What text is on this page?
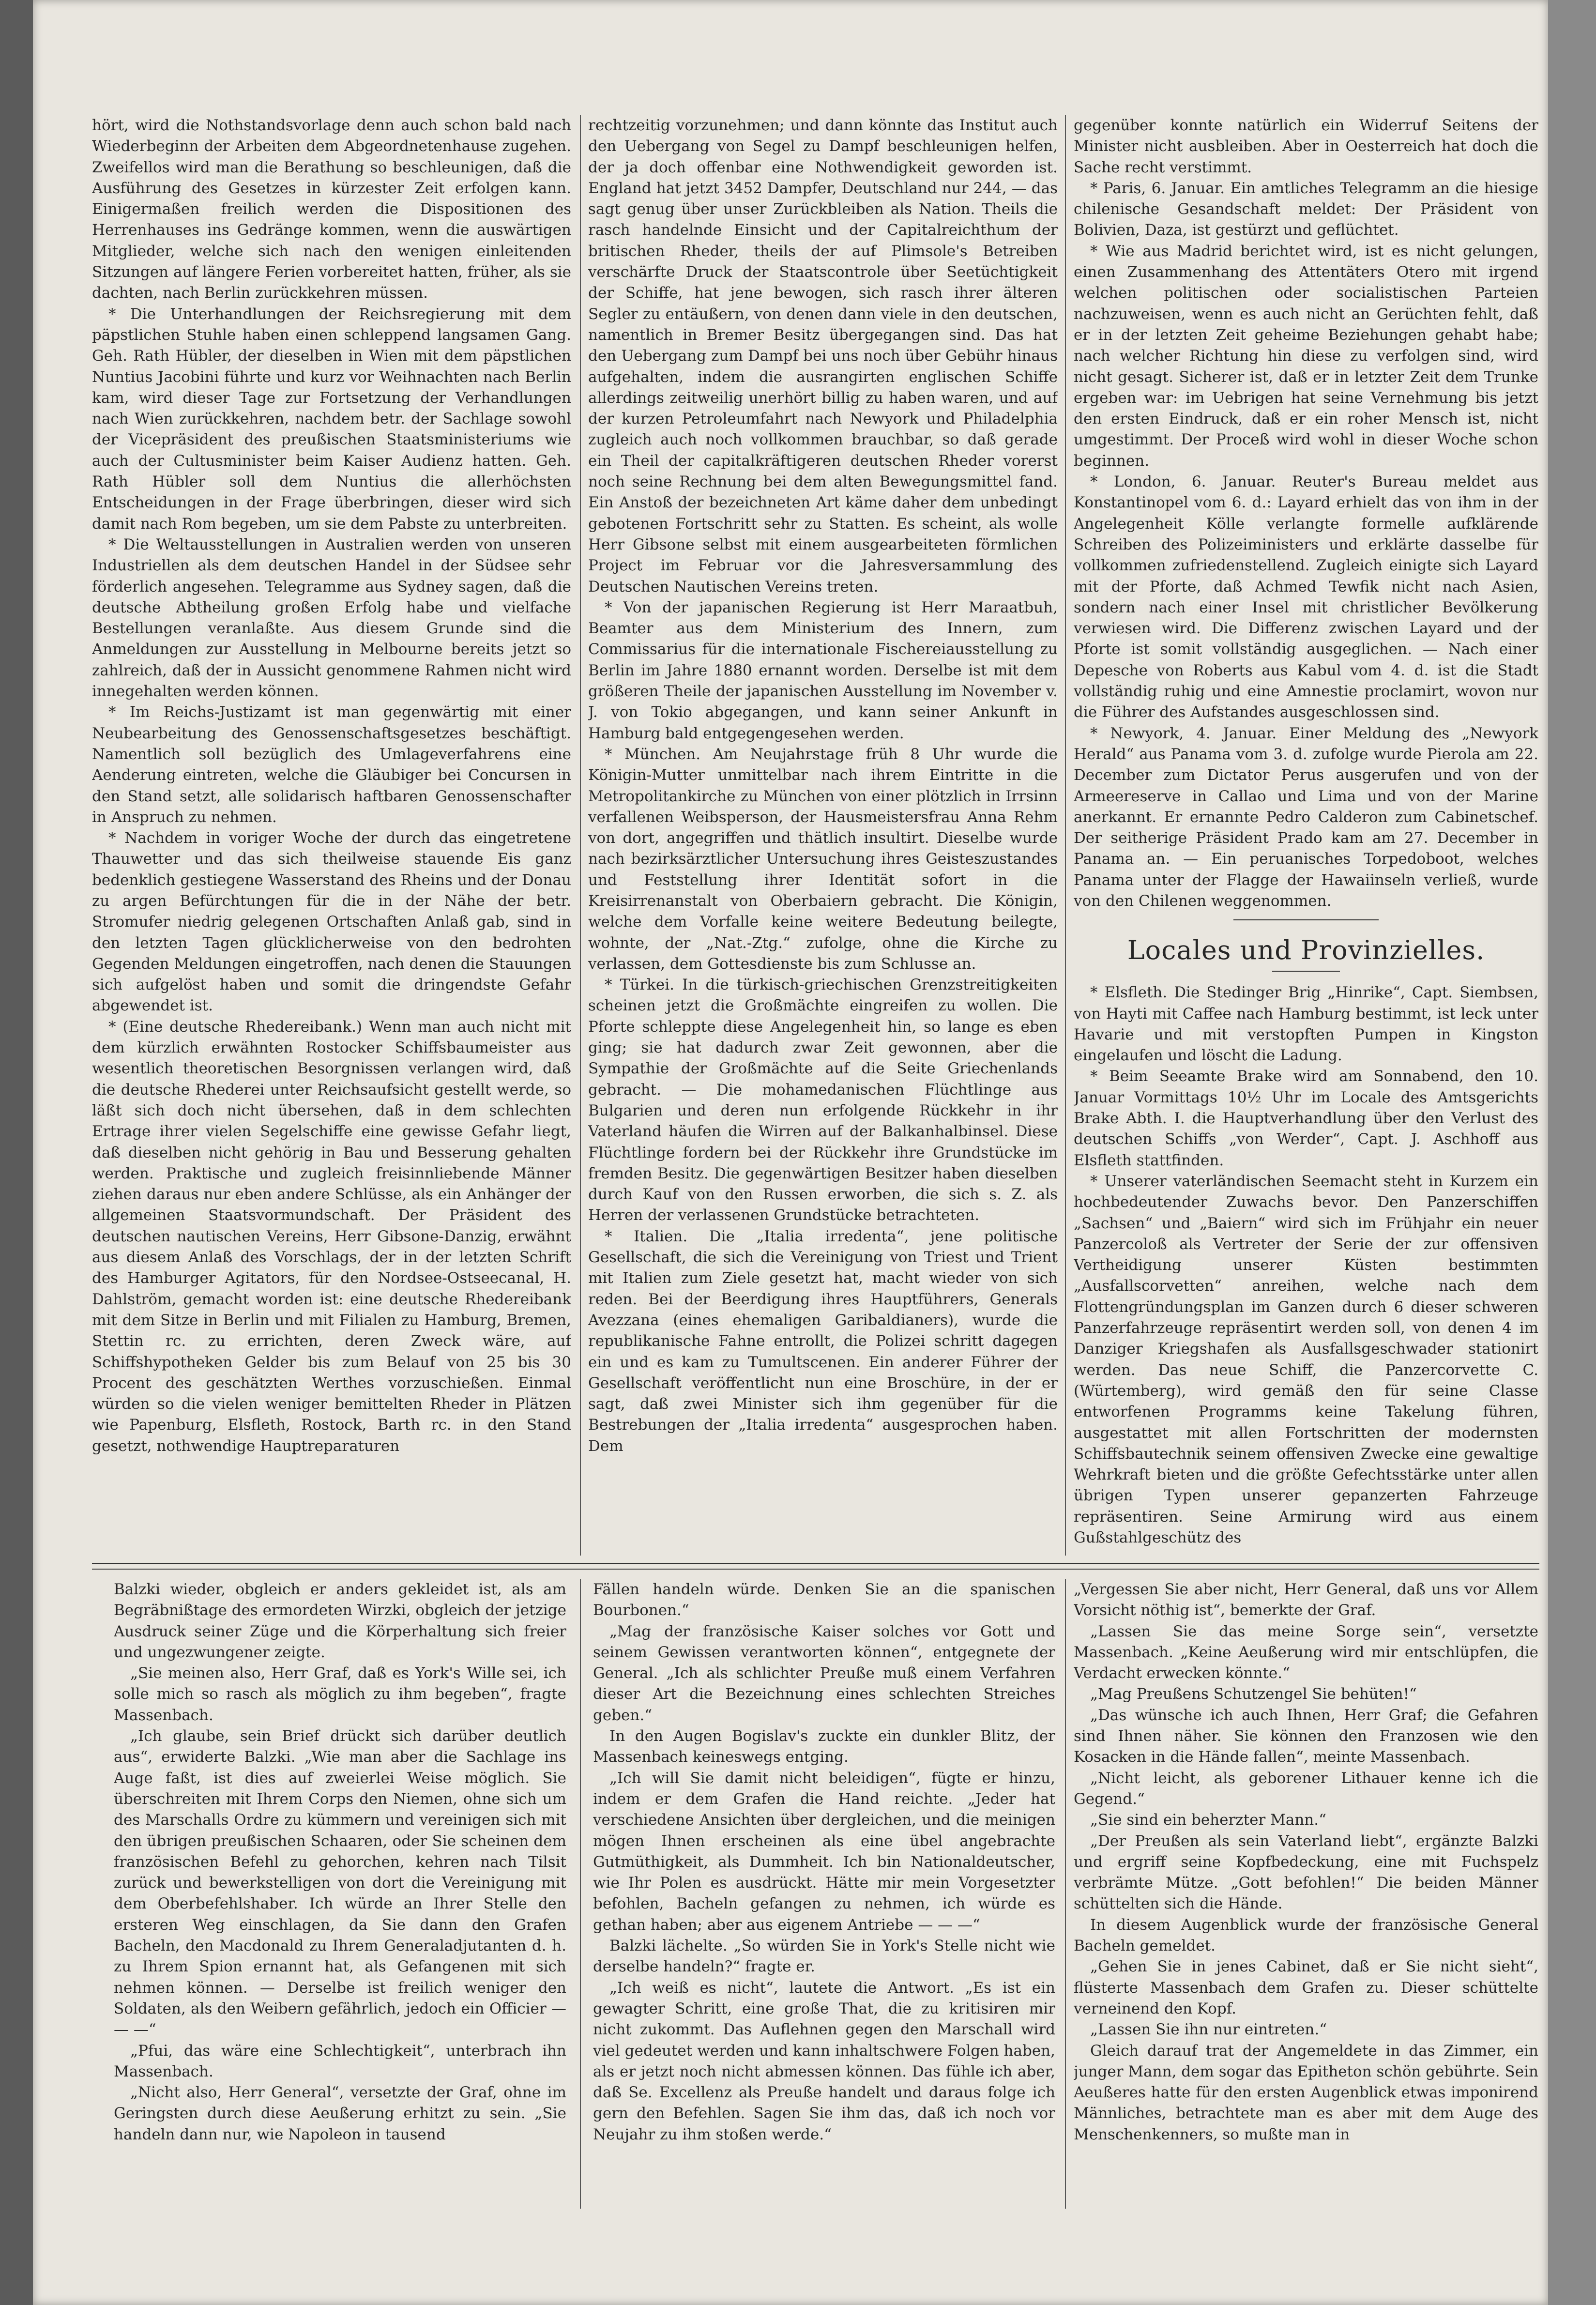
hört, wird die Nothstandsvorlage denn auch schon bald nach Wiederbeginn der Arbeiten dem Abgeordnetenhause zugehen. Zweifellos wird man die Berathung so beschleunigen, daß die Ausführung des Gesetzes in kürzester Zeit erfolgen kann. Einigermaßen freilich werden die Dispositionen des Herrenhauses ins Gedränge kommen, wenn die auswärtigen Mitglieder, welche sich nach den wenigen einleitenden Sitzungen auf längere Ferien vorbereitet hatten, früher, als sie dachten, nach Berlin zurückkehren müssen.

* Die Unterhandlungen der Reichsregierung mit dem päpstlichen Stuhle haben einen schleppend langsamen Gang. Geh. Rath Hübler, der dieselben in Wien mit dem päpstlichen Nuntius Jacobini führte und kurz vor Weihnachten nach Berlin kam, wird dieser Tage zur Fortsetzung der Verhandlungen nach Wien zurückkehren, nachdem betr. der Sachlage sowohl der Vicepräsident des preußischen Staatsministeriums wie auch der Cultusminister beim Kaiser Audienz hatten. Geh. Rath Hübler soll dem Nuntius die allerhöchsten Entscheidungen in der Frage überbringen, dieser wird sich damit nach Rom begeben, um sie dem Pabste zu unterbreiten.

* Die Weltausstellungen in Australien werden von unseren Industriellen als dem deutschen Handel in der Südsee sehr förderlich angesehen. Telegramme aus Sydney sagen, daß die deutsche Abtheilung großen Erfolg habe und vielfache Bestellungen veranlaßte. Aus diesem Grunde sind die Anmeldungen zur Ausstellung in Melbourne bereits jetzt so zahlreich, daß der in Aussicht genommene Rahmen nicht wird innegehalten werden können.

* Im Reichs-Justizamt ist man gegenwärtig mit einer Neubearbeitung des Genossenschaftsgesetzes beschäftigt. Namentlich soll bezüglich des Umlageverfahrens eine Aenderung eintreten, welche die Gläubiger bei Concursen in den Stand setzt, alle solidarisch haftbaren Genossenschafter in Anspruch zu nehmen.

* Nachdem in voriger Woche der durch das eingetretene Thauwetter und das sich theilweise stauende Eis ganz bedenklich gestiegene Wasserstand des Rheins und der Donau zu argen Befürchtungen für die in der Nähe der betr. Stromufer niedrig gelegenen Ortschaften Anlaß gab, sind in den letzten Tagen glücklicherweise von den bedrohten Gegenden Meldungen eingetroffen, nach denen die Stauungen sich aufgelöst haben und somit die dringendste Gefahr abgewendet ist.

* (Eine deutsche Rhedereibank.) Wenn man auch nicht mit dem kürzlich erwähnten Rostocker Schiffsbaumeister aus wesentlich theoretischen Besorgnissen verlangen wird, daß die deutsche Rhederei unter Reichsaufsicht gestellt werde, so läßt sich doch nicht übersehen, daß in dem schlechten Ertrage ihrer vielen Segelschiffe eine gewisse Gefahr liegt, daß dieselben nicht gehörig in Bau und Besserung gehalten werden. Praktische und zugleich freisinnliebende Männer ziehen daraus nur eben andere Schlüsse, als ein Anhänger der allgemeinen Staatsvormundschaft. Der Präsident des deutschen nautischen Vereins, Herr Gibsone-Danzig, erwähnt aus diesem Anlaß des Vorschlags, der in der letzten Schrift des Hamburger Agitators, für den Nordsee-Ostseecanal, H. Dahlström, gemacht worden ist: eine deutsche Rhedereibank mit dem Sitze in Berlin und mit Filialen zu Hamburg, Bremen, Stettin rc. zu errichten, deren Zweck wäre, auf Schiffshypotheken Gelder bis zum Belauf von 25 bis 30 Procent des geschätzten Werthes vorzuschießen. Einmal würden so die vielen weniger bemittelten Rheder in Plätzen wie Papenburg, Elsfleth, Rostock, Barth rc. in den Stand gesetzt, nothwendige Hauptreparaturen

rechtzeitig vorzunehmen; und dann könnte das Institut auch den Uebergang von Segel zu Dampf beschleunigen helfen, der ja doch offenbar eine Nothwendigkeit geworden ist. England hat jetzt 3452 Dampfer, Deutschland nur 244, — das sagt genug über unser Zurückbleiben als Nation. Theils die rasch handelnde Einsicht und der Capitalreichthum der britischen Rheder, theils der auf Plimsole's Betreiben verschärfte Druck der Staatscontrole über Seetüchtigkeit der Schiffe, hat jene bewogen, sich rasch ihrer älteren Segler zu entäußern, von denen dann viele in den deutschen, namentlich in Bremer Besitz übergegangen sind. Das hat den Uebergang zum Dampf bei uns noch über Gebühr hinaus aufgehalten, indem die ausrangirten englischen Schiffe allerdings zeitweilig unerhört billig zu haben waren, und auf der kurzen Petroleumfahrt nach Newyork und Philadelphia zugleich auch noch vollkommen brauchbar, so daß gerade ein Theil der capitalkräftigeren deutschen Rheder vorerst noch seine Rechnung bei dem alten Bewegungsmittel fand. Ein Anstoß der bezeichneten Art käme daher dem unbedingt gebotenen Fortschritt sehr zu Statten. Es scheint, als wolle Herr Gibsone selbst mit einem ausgearbeiteten förmlichen Project im Februar vor die Jahresversammlung des Deutschen Nautischen Vereins treten.

* Von der japanischen Regierung ist Herr Maraatbuh, Beamter aus dem Ministerium des Innern, zum Commissarius für die internationale Fischereiausstellung zu Berlin im Jahre 1880 ernannt worden. Derselbe ist mit dem größeren Theile der japanischen Ausstellung im November v. J. von Tokio abgegangen, und kann seiner Ankunft in Hamburg bald entgegengesehen werden.

* München. Am Neujahrstage früh 8 Uhr wurde die Königin-Mutter unmittelbar nach ihrem Eintritte in die Metropolitankirche zu München von einer plötzlich in Irrsinn verfallenen Weibsperson, der Hausmeistersfrau Anna Rehm von dort, angegriffen und thätlich insultirt. Dieselbe wurde nach bezirksärztlicher Untersuchung ihres Geisteszustandes und Feststellung ihrer Identität sofort in die Kreisirrenanstalt von Oberbaiern gebracht. Die Königin, welche dem Vorfalle keine weitere Bedeutung beilegte, wohnte, der „Nat.-Ztg.“ zufolge, ohne die Kirche zu verlassen, dem Gottesdienste bis zum Schlusse an.

* Türkei. In die türkisch-griechischen Grenzstreitigkeiten scheinen jetzt die Großmächte eingreifen zu wollen. Die Pforte schleppte diese Angelegenheit hin, so lange es eben ging; sie hat dadurch zwar Zeit gewonnen, aber die Sympathie der Großmächte auf die Seite Griechenlands gebracht. — Die mohamedanischen Flüchtlinge aus Bulgarien und deren nun erfolgende Rückkehr in ihr Vaterland häufen die Wirren auf der Balkanhalbinsel. Diese Flüchtlinge fordern bei der Rückkehr ihre Grundstücke im fremden Besitz. Die gegenwärtigen Besitzer haben dieselben durch Kauf von den Russen erworben, die sich s. Z. als Herren der verlassenen Grundstücke betrachteten.

* Italien. Die „Italia irredenta“, jene politische Gesellschaft, die sich die Vereinigung von Triest und Trient mit Italien zum Ziele gesetzt hat, macht wieder von sich reden. Bei der Beerdigung ihres Hauptführers, Generals Avezzana (eines ehemaligen Garibaldianers), wurde die republikanische Fahne entrollt, die Polizei schritt dagegen ein und es kam zu Tumultscenen. Ein anderer Führer der Gesellschaft veröffentlicht nun eine Broschüre, in der er sagt, daß zwei Minister sich ihm gegenüber für die Bestrebungen der „Italia irredenta“ ausgesprochen haben. Dem

gegenüber konnte natürlich ein Widerruf Seitens der Minister nicht ausbleiben. Aber in Oesterreich hat doch die Sache recht verstimmt.

* Paris, 6. Januar. Ein amtliches Telegramm an die hiesige chilenische Gesandschaft meldet: Der Präsident von Bolivien, Daza, ist gestürzt und geflüchtet.

* Wie aus Madrid berichtet wird, ist es nicht gelungen, einen Zusammenhang des Attentäters Otero mit irgend welchen politischen oder socialistischen Parteien nachzuweisen, wenn es auch nicht an Gerüchten fehlt, daß er in der letzten Zeit geheime Beziehungen gehabt habe; nach welcher Richtung hin diese zu verfolgen sind, wird nicht gesagt. Sicherer ist, daß er in letzter Zeit dem Trunke ergeben war: im Uebrigen hat seine Vernehmung bis jetzt den ersten Eindruck, daß er ein roher Mensch ist, nicht umgestimmt. Der Proceß wird wohl in dieser Woche schon beginnen.

* London, 6. Januar. Reuter's Bureau meldet aus Konstantinopel vom 6. d.: Layard erhielt das von ihm in der Angelegenheit Kölle verlangte formelle aufklärende Schreiben des Polizeiministers und erklärte dasselbe für vollkommen zufriedenstellend. Zugleich einigte sich Layard mit der Pforte, daß Achmed Tewfik nicht nach Asien, sondern nach einer Insel mit christlicher Bevölkerung verwiesen wird. Die Differenz zwischen Layard und der Pforte ist somit vollständig ausgeglichen. — Nach einer Depesche von Roberts aus Kabul vom 4. d. ist die Stadt vollständig ruhig und eine Amnestie proclamirt, wovon nur die Führer des Aufstandes ausgeschlossen sind.

* Newyork, 4. Januar. Einer Meldung des „Newyork Herald“ aus Panama vom 3. d. zufolge wurde Pierola am 22. December zum Dictator Perus ausgerufen und von der Armeereserve in Callao und Lima und von der Marine anerkannt. Er ernannte Pedro Calderon zum Cabinetschef. Der seitherige Präsident Prado kam am 27. December in Panama an. — Ein peruanisches Torpedoboot, welches Panama unter der Flagge der Hawaiinseln verließ, wurde von den Chilenen weggenommen.

Locales und Provinzielles.

* Elsfleth. Die Stedinger Brig „Hinrike“, Capt. Siembsen, von Hayti mit Caffee nach Hamburg bestimmt, ist leck unter Havarie und mit verstopften Pumpen in Kingston eingelaufen und löscht die Ladung.

* Beim Seeamte Brake wird am Sonnabend, den 10. Januar Vormittags 10½ Uhr im Locale des Amtsgerichts Brake Abth. I. die Hauptverhandlung über den Verlust des deutschen Schiffs „von Werder“, Capt. J. Aschhoff aus Elsfleth stattfinden.

* Unserer vaterländischen Seemacht steht in Kurzem ein hochbedeutender Zuwachs bevor. Den Panzerschiffen „Sachsen“ und „Baiern“ wird sich im Frühjahr ein neuer Panzercoloß als Vertreter der Serie der zur offensiven Vertheidigung unserer Küsten bestimmten „Ausfallscorvetten“ anreihen, welche nach dem Flottengründungsplan im Ganzen durch 6 dieser schweren Panzerfahrzeuge repräsentirt werden soll, von denen 4 im Danziger Kriegshafen als Ausfallsgeschwader stationirt werden. Das neue Schiff, die Panzercorvette C. (Würtemberg), wird gemäß den für seine Classe entworfenen Programms keine Takelung führen, ausgestattet mit allen Fortschritten der modernsten Schiffsbautechnik seinem offensiven Zwecke eine gewaltige Wehrkraft bieten und die größte Gefechtsstärke unter allen übrigen Typen unserer gepanzerten Fahrzeuge repräsentiren. Seine Armirung wird aus einem Gußstahlgeschütz des

Balzki wieder, obgleich er anders gekleidet ist, als am Begräbnißtage des ermordeten Wirzki, obgleich der jetzige Ausdruck seiner Züge und die Körperhaltung sich freier und ungezwungener zeigte.

„Sie meinen also, Herr Graf, daß es York's Wille sei, ich solle mich so rasch als möglich zu ihm begeben“, fragte Massenbach.

„Ich glaube, sein Brief drückt sich darüber deutlich aus“, erwiderte Balzki. „Wie man aber die Sachlage ins Auge faßt, ist dies auf zweierlei Weise möglich. Sie überschreiten mit Ihrem Corps den Niemen, ohne sich um des Marschalls Ordre zu kümmern und vereinigen sich mit den übrigen preußischen Schaaren, oder Sie scheinen dem französischen Befehl zu gehorchen, kehren nach Tilsit zurück und bewerkstelligen von dort die Vereinigung mit dem Oberbefehlshaber. Ich würde an Ihrer Stelle den ersteren Weg einschlagen, da Sie dann den Grafen Bacheln, den Macdonald zu Ihrem Generaladjutanten d. h. zu Ihrem Spion ernannt hat, als Gefangenen mit sich nehmen können. — Derselbe ist freilich weniger den Soldaten, als den Weibern gefährlich, jedoch ein Officier — — —“

„Pfui, das wäre eine Schlechtigkeit“, unterbrach ihn Massenbach.

„Nicht also, Herr General“, versetzte der Graf, ohne im Geringsten durch diese Aeußerung erhitzt zu sein. „Sie handeln dann nur, wie Napoleon in tausend

Fällen handeln würde. Denken Sie an die spanischen Bourbonen.“

„Mag der französische Kaiser solches vor Gott und seinem Gewissen verantworten können“, entgegnete der General. „Ich als schlichter Preuße muß einem Verfahren dieser Art die Bezeichnung eines schlechten Streiches geben.“

In den Augen Bogislav's zuckte ein dunkler Blitz, der Massenbach keineswegs entging.

„Ich will Sie damit nicht beleidigen“, fügte er hinzu, indem er dem Grafen die Hand reichte. „Jeder hat verschiedene Ansichten über dergleichen, und die meinigen mögen Ihnen erscheinen als eine übel angebrachte Gutmüthigkeit, als Dummheit. Ich bin Nationaldeutscher, wie Ihr Polen es ausdrückt. Hätte mir mein Vorgesetzter befohlen, Bacheln gefangen zu nehmen, ich würde es gethan haben; aber aus eigenem Antriebe — — —“

Balzki lächelte. „So würden Sie in York's Stelle nicht wie derselbe handeln?“ fragte er.

„Ich weiß es nicht“, lautete die Antwort. „Es ist ein gewagter Schritt, eine große That, die zu kritisiren mir nicht zukommt. Das Auflehnen gegen den Marschall wird viel gedeutet werden und kann inhaltschwere Folgen haben, als er jetzt noch nicht abmessen können. Das fühle ich aber, daß Se. Excellenz als Preuße handelt und daraus folge ich gern den Befehlen. Sagen Sie ihm das, daß ich noch vor Neujahr zu ihm stoßen werde.“

„Vergessen Sie aber nicht, Herr General, daß uns vor Allem Vorsicht nöthig ist“, bemerkte der Graf.

„Lassen Sie das meine Sorge sein“, versetzte Massenbach. „Keine Aeußerung wird mir entschlüpfen, die Verdacht erwecken könnte.“

„Mag Preußens Schutzengel Sie behüten!“

„Das wünsche ich auch Ihnen, Herr Graf; die Gefahren sind Ihnen näher. Sie können den Franzosen wie den Kosacken in die Hände fallen“, meinte Massenbach.

„Nicht leicht, als geborener Lithauer kenne ich die Gegend.“

„Sie sind ein beherzter Mann.“

„Der Preußen als sein Vaterland liebt“, ergänzte Balzki und ergriff seine Kopfbedeckung, eine mit Fuchspelz verbrämte Mütze. „Gott befohlen!“ Die beiden Männer schüttelten sich die Hände.

In diesem Augenblick wurde der französische General Bacheln gemeldet.

„Gehen Sie in jenes Cabinet, daß er Sie nicht sieht“, flüsterte Massenbach dem Grafen zu. Dieser schüttelte verneinend den Kopf.

„Lassen Sie ihn nur eintreten.“

Gleich darauf trat der Angemeldete in das Zimmer, ein junger Mann, dem sogar das Epitheton schön gebührte. Sein Aeußeres hatte für den ersten Augenblick etwas imponirend Männliches, betrachtete man es aber mit dem Auge des Menschenkenners, so mußte man in
